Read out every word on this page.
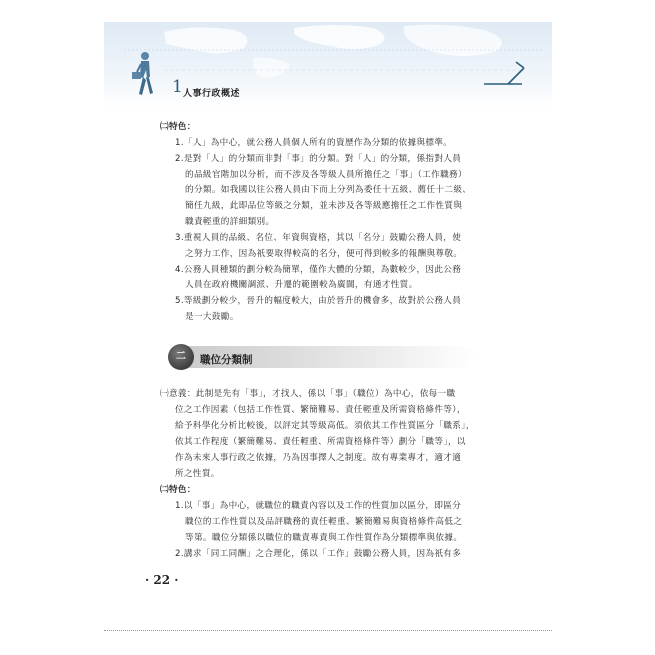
1 人事行政概述
㈡特色：
1.「人」為中心，就公務人員個人所有的資歷作為分類的依據與標準。
2.是對「人」的分類而非對「事」的分類。對「人」的分類，係指對人員
的品級官階加以分析，而不涉及各等級人員所擔任之「事」（工作職務）
的分類。如我國以往公務人員由下而上分列為委任十五級、薦任十二級、
簡任九級，此即品位等級之分類，並未涉及各等級應擔任之工作性質與
職責輕重的詳細類別。
3.重視人員的品級、名位、年資與資格，其以「名分」鼓勵公務人員，使
之努力工作，因為祇要取得較高的名分，便可得到較多的報酬與尊敬。
4.公務人員種類的劃分較為簡單，僅作大體的分類，為數較少，因此公務
人員在政府機關調派、升遷的範圍較為廣闊，有通才性質。
5.等級劃分較少，晉升的幅度較大，由於晉升的機會多，故對於公務人員
是一大鼓勵。
二	職位分類制
㈠意義：此制是先有「事」，才找人，係以「事」（職位）為中心，依每一職
位之工作因素（包括工作性質、繁簡難易、責任輕重及所需資格條件等），
給予科學化分析比較後，以評定其等級高低。須依其工作性質區分「職系」，
依其工作程度（繁簡難易、責任輕重、所需資格條件等）劃分「職等」，以
作為未來人事行政之依據，乃為因事擇人之制度。故有專業專才，適才適
所之性質。
㈡特色：
1.以「事」為中心，就職位的職責內容以及工作的性質加以區分，即區分
職位的工作性質以及品評職務的責任輕重、繁簡難易與資格條件高低之
等第。職位分類係以職位的職責專責與工作性質作為分類標準與依據。
2.講求「同工同酬」之合理化，係以「工作」鼓勵公務人員，因為祇有多
· 22 ·
